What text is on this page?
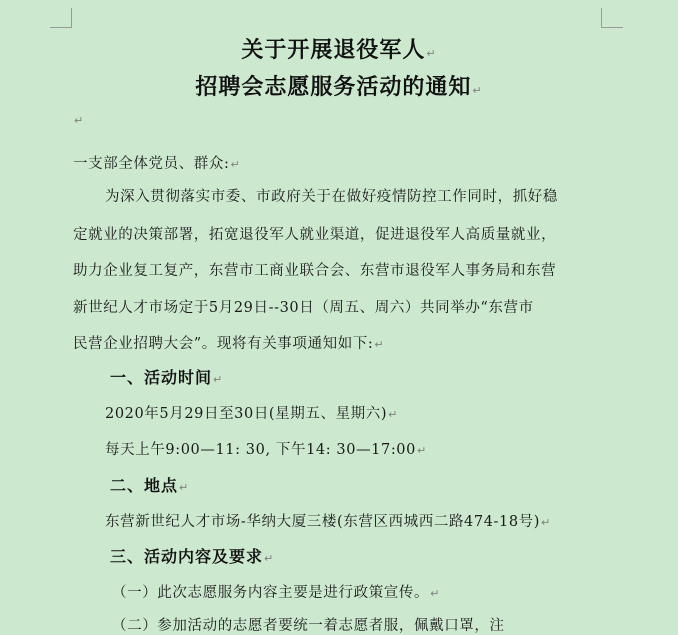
关于开展退役军人↵
招聘会志愿服务活动的通知↵
↵
一支部全体党员、群众:↵
为深入贯彻落实市委、市政府关于在做好疫情防控工作同时，抓好稳
定就业的决策部署，拓宽退役军人就业渠道，促进退役军人高质量就业，
助力企业复工复产，东营市工商业联合会、东营市退役军人事务局和东营
新世纪人才市场定于5月29日--30日（周五、周六）共同举办“东营市
民营企业招聘大会”。现将有关事项通知如下:↵
一、活动时间↵
2020年5月29日至30日(星期五、星期六)↵
每天上午9:00—11: 30, 下午14: 30—17:00↵
二、地点↵
东营新世纪人才市场-华纳大厦三楼(东营区西城西二路474-18号)↵
三、活动内容及要求↵
（一）此次志愿服务内容主要是进行政策宣传。↵
（二）参加活动的志愿者要统一着志愿者服，佩戴口罩，注
